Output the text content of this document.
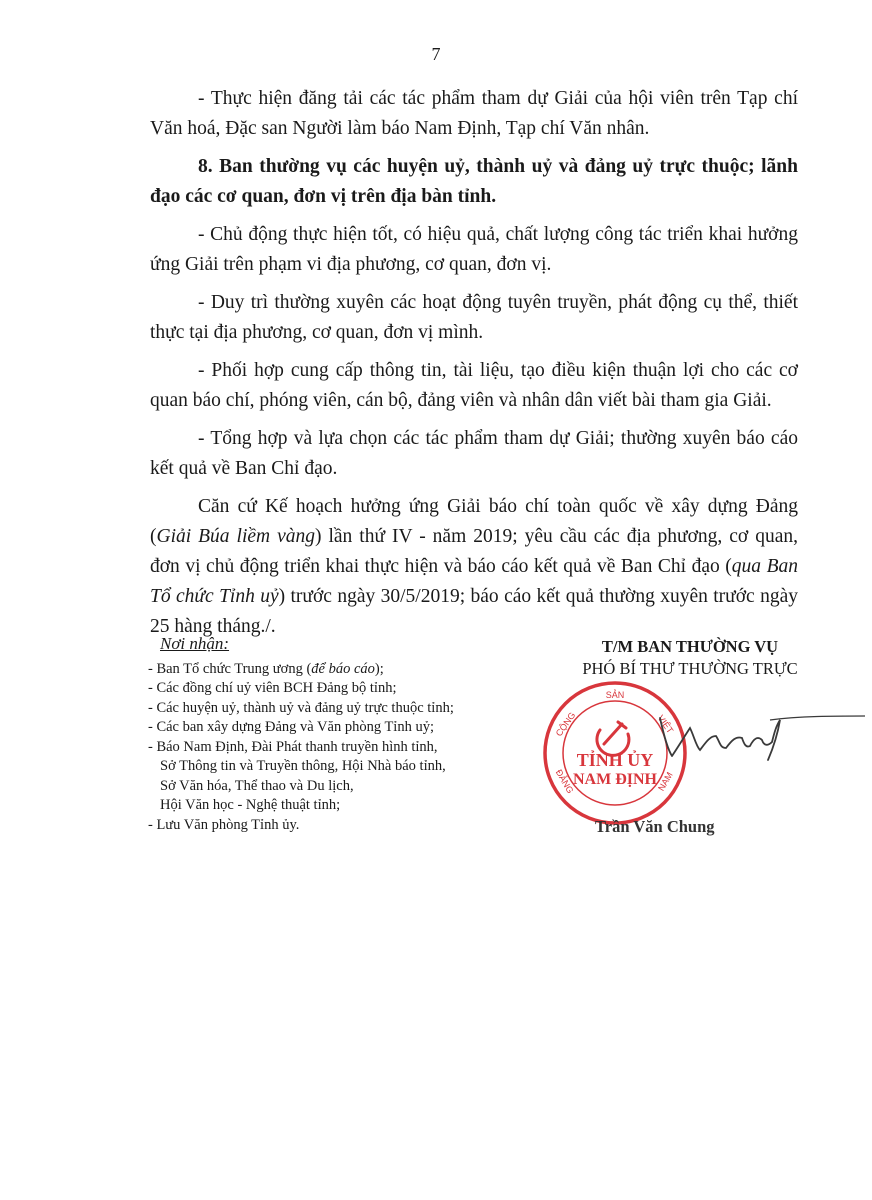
7

- Thực hiện đăng tải các tác phẩm tham dự Giải của hội viên trên Tạp chí Văn hoá, Đặc san Người làm báo Nam Định, Tạp chí Văn nhân.

8. Ban thường vụ các huyện uỷ, thành uỷ và đảng uỷ trực thuộc; lãnh đạo các cơ quan, đơn vị trên địa bàn tỉnh.

- Chủ động thực hiện tốt, có hiệu quả, chất lượng công tác triển khai hưởng ứng Giải trên phạm vi địa phương, cơ quan, đơn vị.

- Duy trì thường xuyên các hoạt động tuyên truyền, phát động cụ thể, thiết thực tại địa phương, cơ quan, đơn vị mình.

- Phối hợp cung cấp thông tin, tài liệu, tạo điều kiện thuận lợi cho các cơ quan báo chí, phóng viên, cán bộ, đảng viên và nhân dân viết bài tham gia Giải.

- Tổng hợp và lựa chọn các tác phẩm tham dự Giải; thường xuyên báo cáo kết quả về Ban Chỉ đạo.

Căn cứ Kế hoạch hưởng ứng Giải báo chí toàn quốc về xây dựng Đảng (Giải Búa liềm vàng) lần thứ IV - năm 2019; yêu cầu các địa phương, cơ quan, đơn vị chủ động triển khai thực hiện và báo cáo kết quả về Ban Chỉ đạo (qua Ban Tổ chức Tỉnh uỷ) trước ngày 30/5/2019; báo cáo kết quả thường xuyên trước ngày 25 hàng tháng./.

Nơi nhận:
- Ban Tổ chức Trung ương (để báo cáo);
- Các đồng chí uỷ viên BCH Đảng bộ tỉnh;
- Các huyện uỷ, thành uỷ và đảng uỷ trực thuộc tỉnh;
- Các ban xây dựng Đảng và Văn phòng Tỉnh uỷ;
- Báo Nam Định, Đài Phát thanh truyền hình tỉnh,
Sở Thông tin và Truyền thông, Hội Nhà báo tỉnh,
Sở Văn hóa, Thể thao và Du lịch,
Hội Văn học - Nghệ thuật tỉnh;
- Lưu Văn phòng Tỉnh ủy.
T/M BAN THƯỜNG VỤ
PHÓ BÍ THƯ THƯỜNG TRỰC
SẢN
CỘNG	VIỆT
ĐẢNG	NAM
TỈNH ỦY
NAM ĐỊNH
Trần Văn Chung
